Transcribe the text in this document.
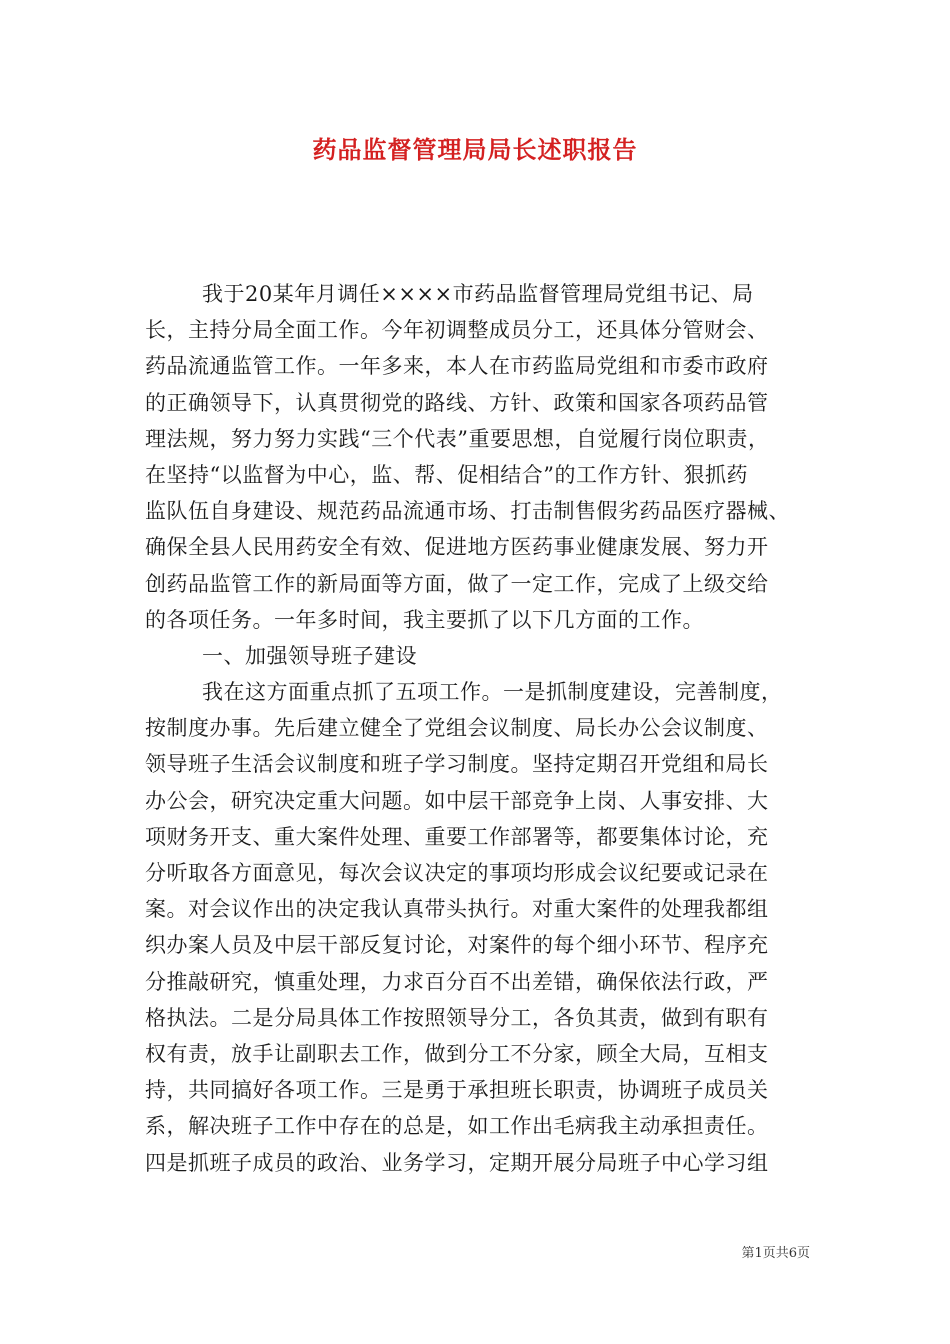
药品监督管理局局长述职报告
我于20某年月调任××××市药品监督管理局党组书记、局
长，主持分局全面工作。今年初调整成员分工，还具体分管财会、
药品流通监管工作。一年多来，本人在市药监局党组和市委市政府
的正确领导下，认真贯彻党的路线、方针、政策和国家各项药品管
理法规，努力努力实践“三个代表”重要思想，自觉履行岗位职责，
在坚持“以监督为中心，监、帮、促相结合”的工作方针、狠抓药
监队伍自身建设、规范药品流通市场、打击制售假劣药品医疗器械、
确保全县人民用药安全有效、促进地方医药事业健康发展、努力开
创药品监管工作的新局面等方面，做了一定工作，完成了上级交给
的各项任务。一年多时间，我主要抓了以下几方面的工作。
一、加强领导班子建设
我在这方面重点抓了五项工作。一是抓制度建设，完善制度，
按制度办事。先后建立健全了党组会议制度、局长办公会议制度、
领导班子生活会议制度和班子学习制度。坚持定期召开党组和局长
办公会，研究决定重大问题。如中层干部竞争上岗、人事安排、大
项财务开支、重大案件处理、重要工作部署等，都要集体讨论，充
分听取各方面意见，每次会议决定的事项均形成会议纪要或记录在
案。对会议作出的决定我认真带头执行。对重大案件的处理我都组
织办案人员及中层干部反复讨论，对案件的每个细小环节、程序充
分推敲研究，慎重处理，力求百分百不出差错，确保依法行政，严
格执法。二是分局具体工作按照领导分工，各负其责，做到有职有
权有责，放手让副职去工作，做到分工不分家，顾全大局，互相支
持，共同搞好各项工作。三是勇于承担班长职责，协调班子成员关
系，解决班子工作中存在的总是，如工作出毛病我主动承担责任。
四是抓班子成员的政治、业务学习，定期开展分局班子中心学习组
第1页共6页
